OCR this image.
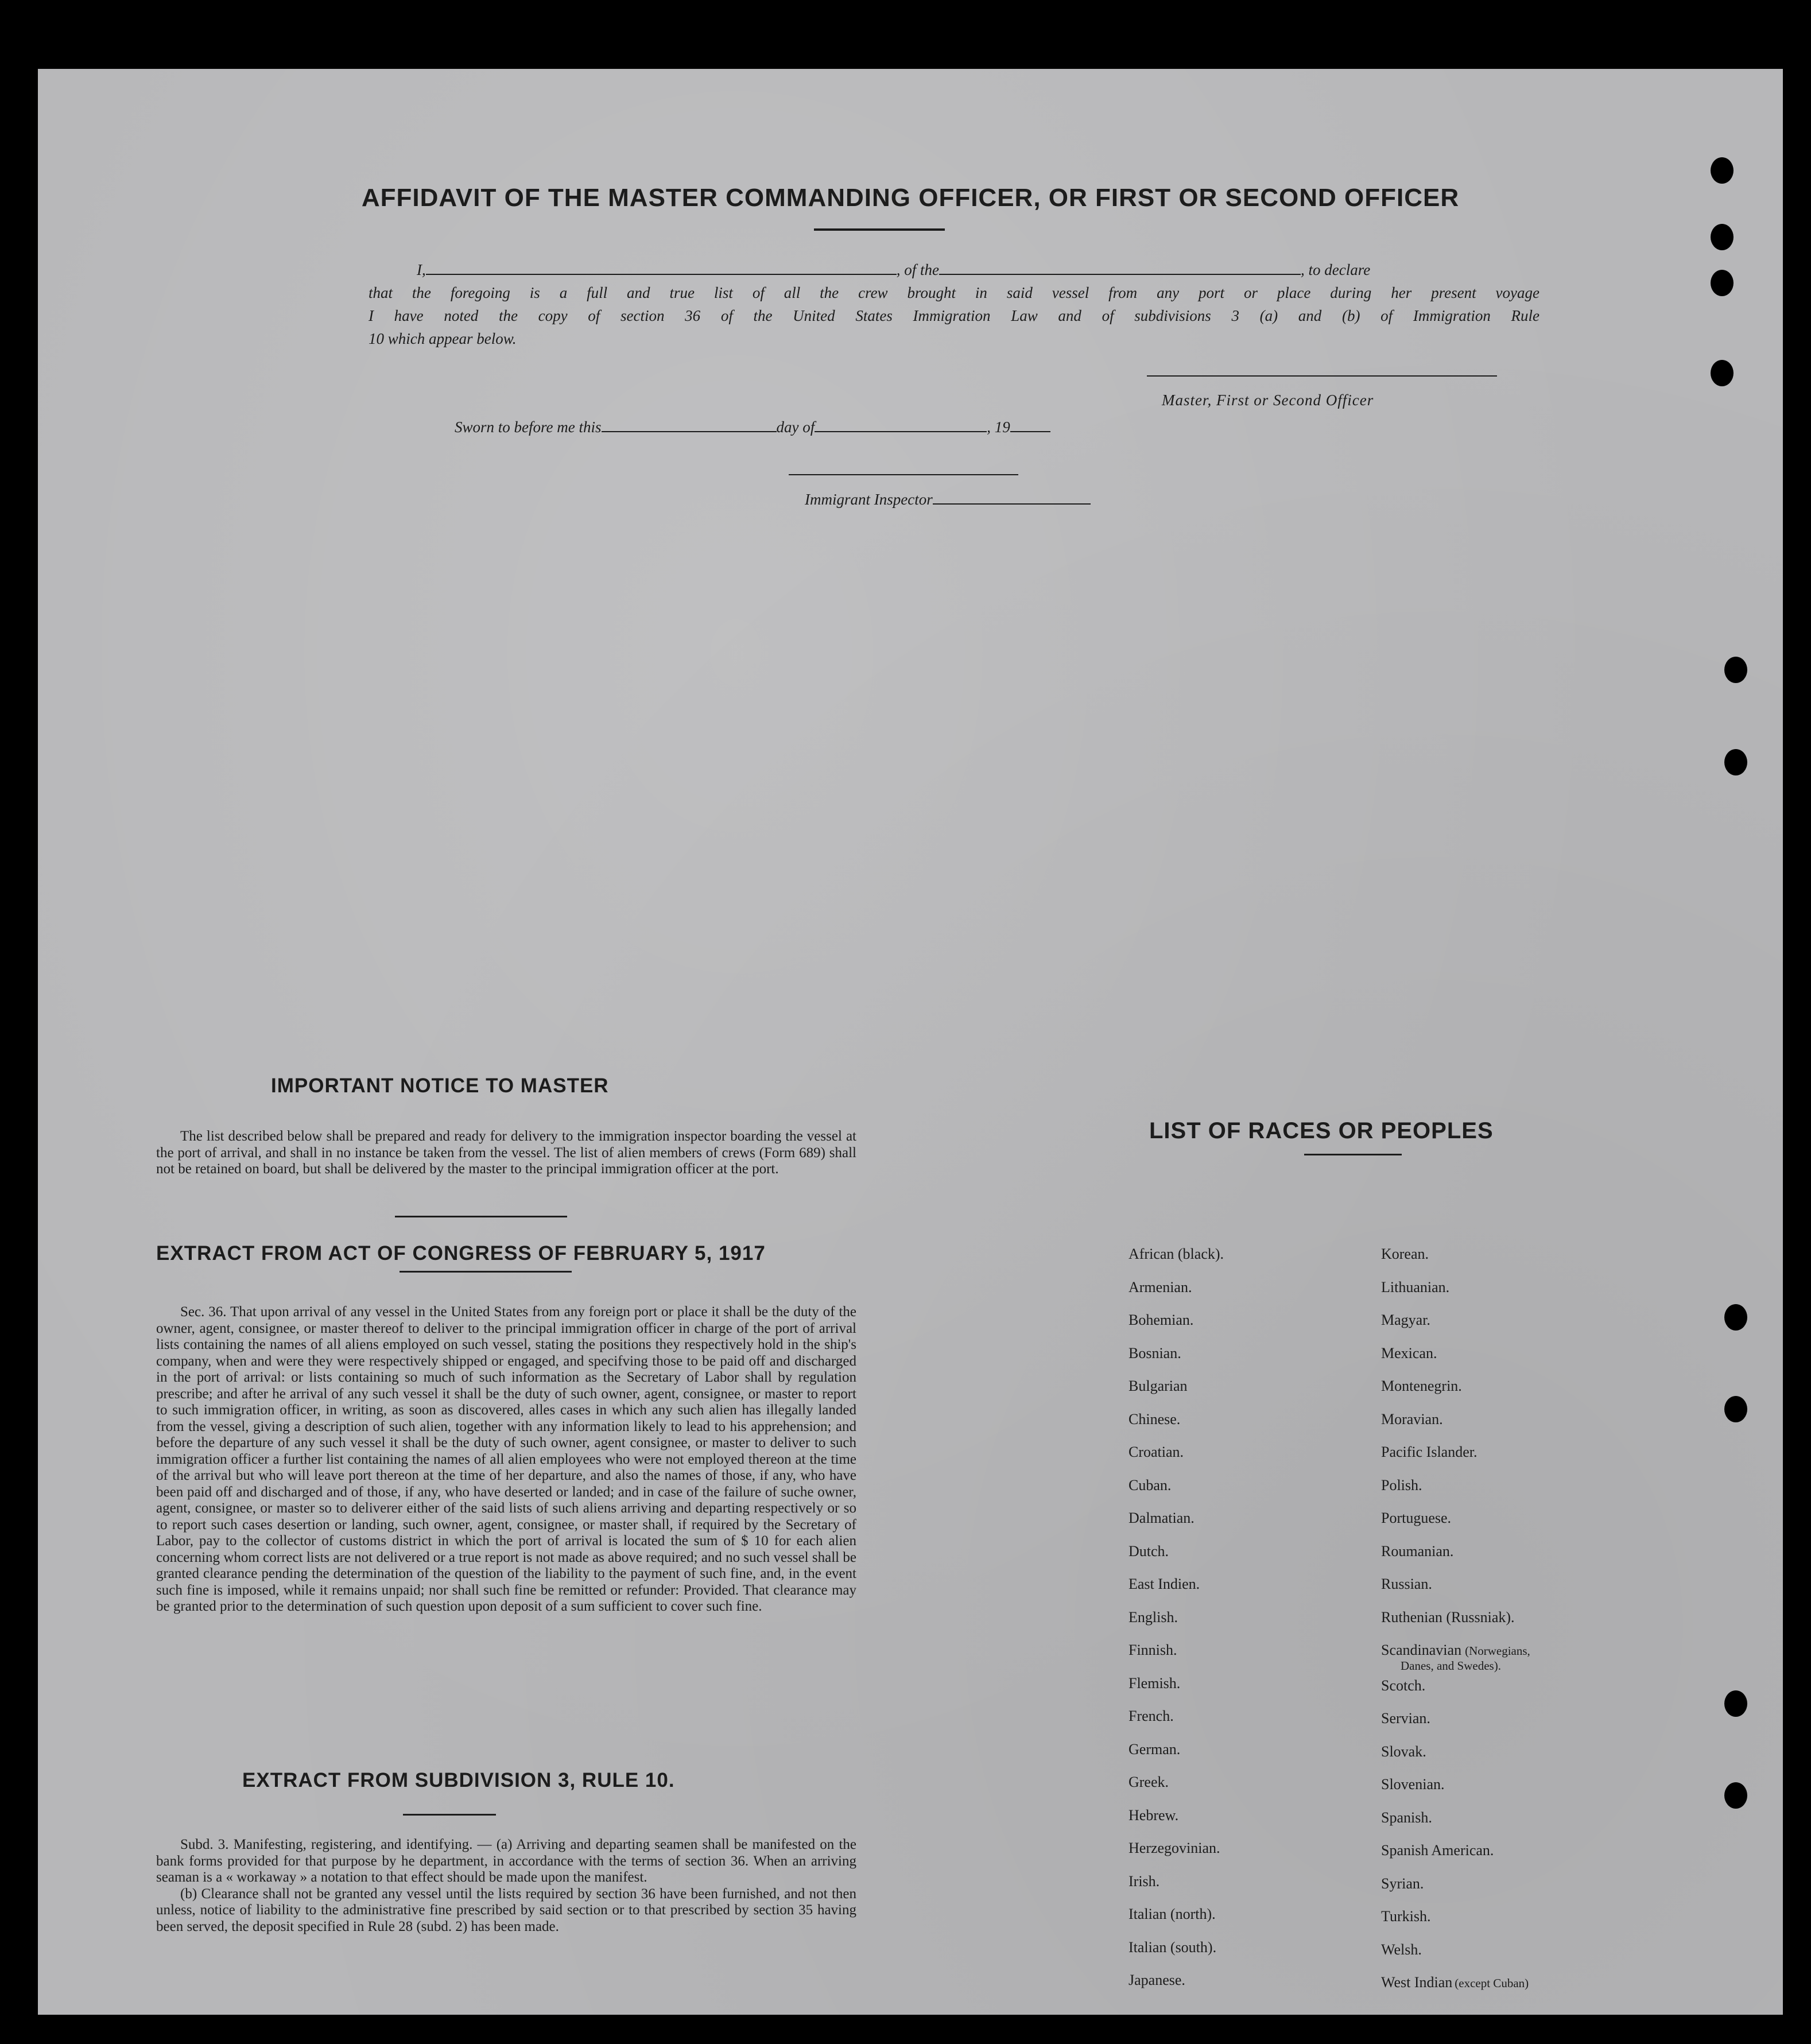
AFFIDAVIT OF THE MASTER COMMANDING OFFICER, OR FIRST OR SECOND OFFICER
I,	, of the	, to declare
that the foregoing is a full and true list of all the crew brought in said vessel from any port or place during her present voyage
I have noted the copy of section 36 of the United States Immigration Law and of subdivisions 3 (a) and (b) of Immigration Rule
10 which appear below.
Master, First or Second Officer
Sworn to before me this	day of	, 19
Immigrant Inspector
IMPORTANT NOTICE TO MASTER

The list described below shall be prepared and ready for delivery to the immigration inspector boarding the vessel at the port of arrival, and shall in no instance be taken from the vessel. The list of alien members of crews (Form 689) shall not be retained on board, but shall be delivered by the master to the principal immigration officer at the port.

EXTRACT FROM ACT OF CONGRESS OF FEBRUARY 5, 1917

Sec. 36. That upon arrival of any vessel in the United States from any foreign port or place it shall be the duty of the owner, agent, consignee, or master thereof to deliver to the principal immigration officer in charge of the port of arrival lists containing the names of all aliens employed on such vessel, stating the positions they respectively hold in the ship's company, when and were they were respectively shipped or engaged, and specifving those to be paid off and discharged in the port of arrival: or lists containing so much of such information as the Secretary of Labor shall by regulation prescribe; and after he arrival of any such vessel it shall be the duty of such owner, agent, consignee, or master to report to such immigration officer, in writing, as soon as discovered, alles cases in which any such alien has illegally landed from the vessel, giving a description of such alien, together with any information likely to lead to his apprehension; and before the departure of any such vessel it shall be the duty of such owner, agent consignee, or master to deliver to such immigration officer a further list containing the names of all alien employees who were not employed thereon at the time of the arrival but who will leave port thereon at the time of her departure, and also the names of those, if any, who have been paid off and discharged and of those, if any, who have deserted or landed; and in case of the failure of suche owner, agent, consignee, or master so to deliverer either of the said lists of such aliens arriving and departing respectively or so to report such cases desertion or landing, such owner, agent, consignee, or master shall, if required by the Secretary of Labor, pay to the collector of customs district in which the port of arrival is located the sum of $ 10 for each alien concerning whom correct lists are not delivered or a true report is not made as above required; and no such vessel shall be granted clearance pending the determination of the question of the liability to the payment of such fine, and, in the event such fine is imposed, while it remains unpaid; nor shall such fine be remitted or refunder: Provided. That clearance may be granted prior to the determination of such question upon deposit of a sum sufficient to cover such fine.

EXTRACT FROM SUBDIVISION 3, RULE 10.

Subd. 3. Manifesting, registering, and identifying. — (a) Arriving and departing seamen shall be manifested on the bank forms provided for that purpose by he department, in accordance with the terms of section 36. When an arriving seaman is a « workaway » a notation to that effect should be made upon the manifest.

(b) Clearance shall not be granted any vessel until the lists required by section 36 have been furnished, and not then unless, notice of liability to the administrative fine prescribed by said section or to that prescribed by section 35 having been served, the deposit specified in Rule 28 (subd. 2) has been made.

LIST OF RACES OR PEOPLES
African (black).
Armenian.
Bohemian.
Bosnian.
Bulgarian
Chinese.
Croatian.
Cuban.
Dalmatian.
Dutch.
East Indien.
English.
Finnish.
Flemish.
French.
German.
Greek.
Hebrew.
Herzegovinian.
Irish.
Italian (north).
Italian (south).
Japanese.
Korean.
Lithuanian.
Magyar.
Mexican.
Montenegrin.
Moravian.
Pacific Islander.
Polish.
Portuguese.
Roumanian.
Russian.
Ruthenian (Russniak).
Scandinavian (Norwegians,
Danes, and Swedes).
Scotch.
Servian.
Slovak.
Slovenian.
Spanish.
Spanish American.
Syrian.
Turkish.
Welsh.
West Indian (except Cuban)
